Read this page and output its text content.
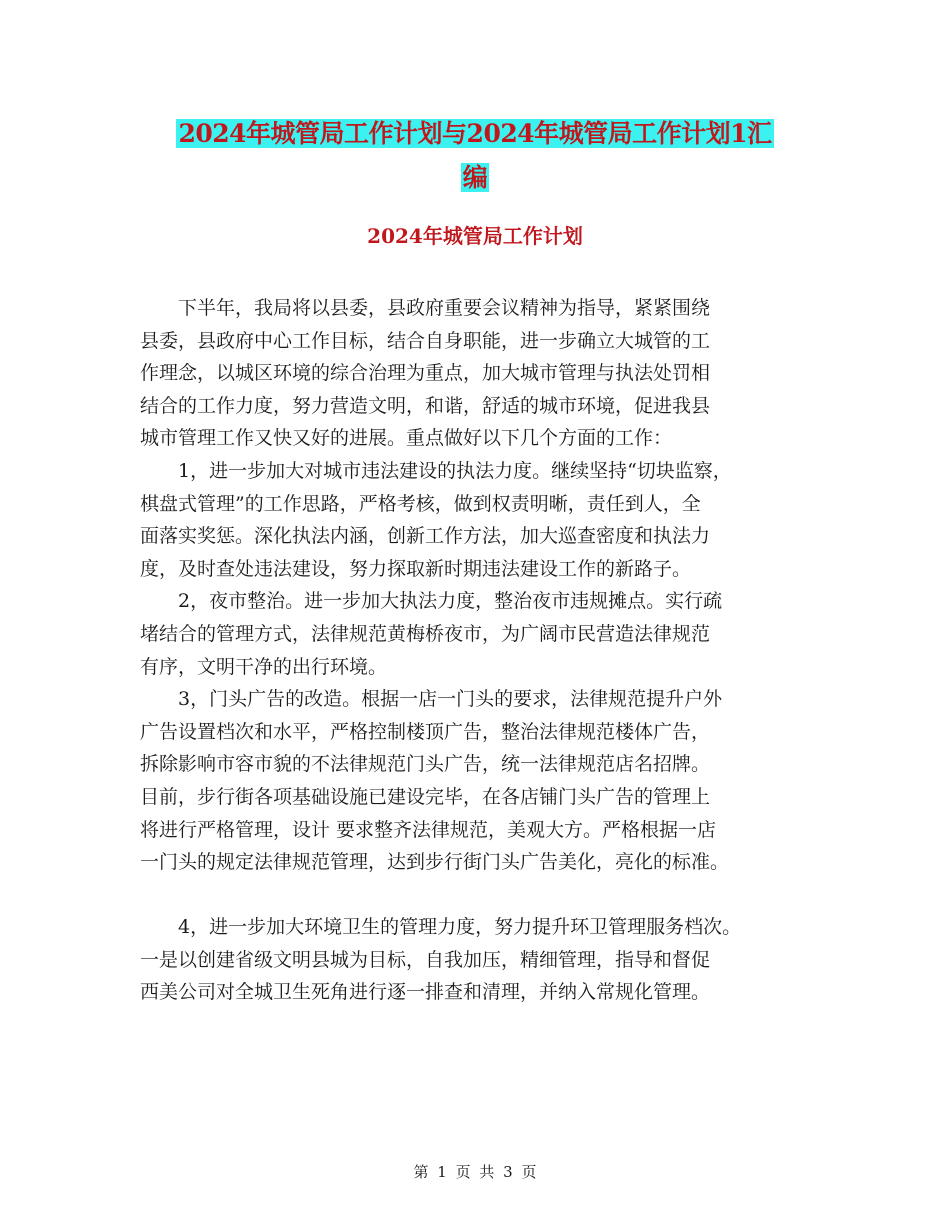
2024年城管局工作计划与2024年城管局工作计划1汇
编
2024年城管局工作计划

下半年，我局将以县委，县政府重要会议精神为指导，紧紧围绕
县委，县政府中心工作目标，结合自身职能，进一步确立大城管的工
作理念，以城区环境的综合治理为重点，加大城市管理与执法处罚相
结合的工作力度，努力营造文明，和谐，舒适的城市环境，促进我县
城市管理工作又快又好的进展。重点做好以下几个方面的工作：

1，进一步加大对城市违法建设的执法力度。继续坚持“切块监察，
棋盘式管理”的工作思路，严格考核，做到权责明晰，责任到人，全
面落实奖惩。深化执法内涵，创新工作方法，加大巡查密度和执法力
度，及时查处违法建设，努力探取新时期违法建设工作的新路子。

2，夜市整治。进一步加大执法力度，整治夜市违规摊点。实行疏
堵结合的管理方式，法律规范黄梅桥夜市，为广阔市民营造法律规范
有序，文明干净的出行环境。

3，门头广告的改造。根据一店一门头的要求，法律规范提升户外
广告设置档次和水平，严格控制楼顶广告，整治法律规范楼体广告，
拆除影响市容市貌的不法律规范门头广告，统一法律规范店名招牌。
目前，步行街各项基础设施已建设完毕，在各店铺门头广告的管理上
将进行严格管理，设计 要求整齐法律规范，美观大方。严格根据一店
一门头的规定法律规范管理，达到步行街门头广告美化，亮化的标准。

4，进一步加大环境卫生的管理力度，努力提升环卫管理服务档次。
一是以创建省级文明县城为目标，自我加压，精细管理，指导和督促
西美公司对全城卫生死角进行逐一排查和清理，并纳入常规化管理。

第 1 页 共 3 页
